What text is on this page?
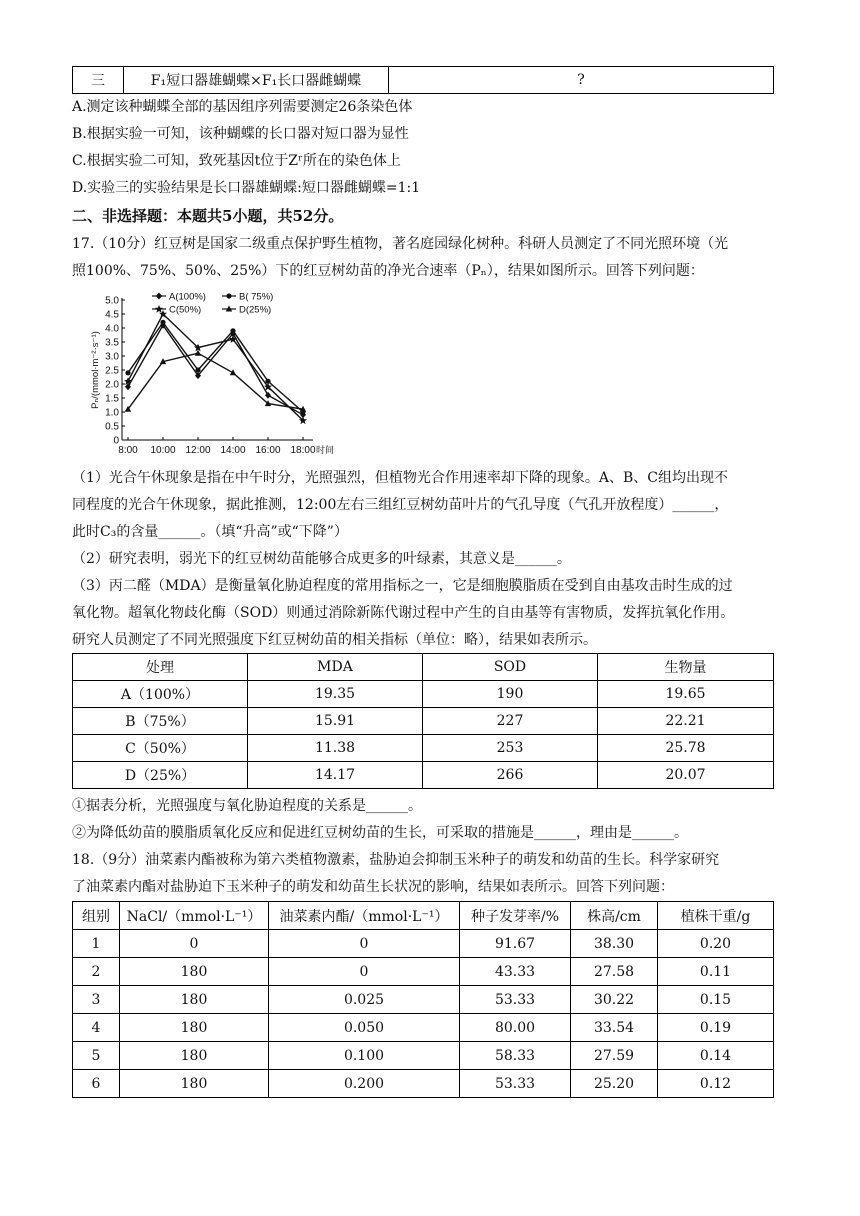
三	F₁短口器雄蝴蝶×F₁长口器雌蝴蝶	?
A.测定该种蝴蝶全部的基因组序列需要测定26条染色体
B.根据实验一可知，该种蝴蝶的长口器对短口器为显性
C.根据实验二可知，致死基因t位于Zʳ所在的染色体上
D.实验三的实验结果是长口器雄蝴蝶:短口器雌蝴蝶=1:1
二、非选择题：本题共5小题，共52分。
17.（10分）红豆树是国家二级重点保护野生植物，著名庭园绿化树种。科研人员测定了不同光照环境（光
照100%、75%、50%、25%）下的红豆树幼苗的净光合速率（Pₙ），结果如图所示。回答下列问题：
0
0.5
1.0
1.5
2.0
2.5
3.0
3.5
4.0
4.5
5.0
8:00 10:00 12:00 14:00 16:00 18:00 时间
Pₙ/(mmol·m⁻²·s⁻¹)
A(100%)	B( 75%)
C(50%)	D(25%)
（1）光合午休现象是指在中午时分，光照强烈，但植物光合作用速率却下降的现象。A、B、C组均出现不
同程度的光合午休现象，据此推测，12:00左右三组红豆树幼苗叶片的气孔导度（气孔开放程度）______，
此时C₃的含量______。（填“升高”或“下降”）
（2）研究表明，弱光下的红豆树幼苗能够合成更多的叶绿素，其意义是______。
（3）丙二醛（MDA）是衡量氧化胁迫程度的常用指标之一，它是细胞膜脂质在受到自由基攻击时生成的过
氧化物。超氧化物歧化酶（SOD）则通过消除新陈代谢过程中产生的自由基等有害物质，发挥抗氧化作用。
研究人员测定了不同光照强度下红豆树幼苗的相关指标（单位：略），结果如表所示。
处理	MDA	SOD	生物量
A（100%）	19.35	190	19.65
B（75%）	15.91	227	22.21
C（50%）	11.38	253	25.78
D（25%）	14.17	266	20.07
①据表分析，光照强度与氧化胁迫程度的关系是______。
②为降低幼苗的膜脂质氧化反应和促进红豆树幼苗的生长，可采取的措施是______，理由是______。
18.（9分）油菜素内酯被称为第六类植物激素，盐胁迫会抑制玉米种子的萌发和幼苗的生长。科学家研究
了油菜素内酯对盐胁迫下玉米种子的萌发和幼苗生长状况的影响，结果如表所示。回答下列问题：
组别	NaCl/（mmol·L⁻¹）	油菜素内酯/（mmol·L⁻¹）	种子发芽率/%	株高/cm	植株干重/g
1	0	0	91.67	38.30	0.20
2	180	0	43.33	27.58	0.11
3	180	0.025	53.33	30.22	0.15
4	180	0.050	80.00	33.54	0.19
5	180	0.100	58.33	27.59	0.14
6	180	0.200	53.33	25.20	0.12
